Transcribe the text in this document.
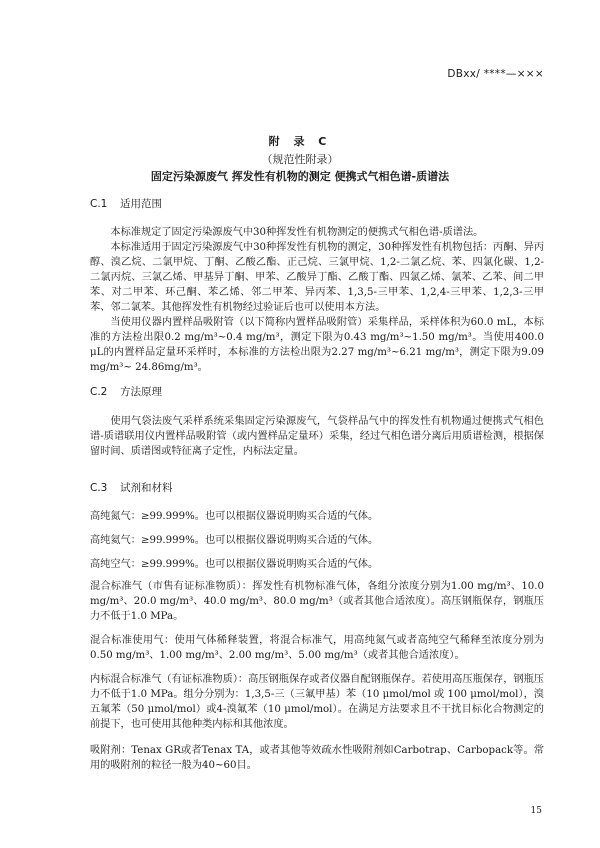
DBxx/ ****—×××
附 录 C
（规范性附录）
固定污染源废气 挥发性有机物的测定 便携式气相色谱-质谱法
C.1 适用范围

本标准规定了固定污染源废气中30种挥发性有机物测定的便携式气相色谱-质谱法。

本标准适用于固定污染源废气中30种挥发性有机物的测定，30种挥发性有机物包括：丙酮、异丙醇、溴乙烷、二氯甲烷、丁酮、乙酸乙酯、正己烷、三氯甲烷、1,2-二氯乙烷、苯、四氯化碳、1,2-二氯丙烷、三氯乙烯、甲基异丁酮、甲苯、乙酸异丁酯、乙酸丁酯、四氯乙烯、氯苯、乙苯、间二甲苯、对二甲苯、环己酮、苯乙烯、邻二甲苯、异丙苯、1,3,5-三甲苯、1,2,4-三甲苯、1,2,3-三甲苯、邻二氯苯。其他挥发性有机物经过验证后也可以使用本方法。

当使用仪器内置样品吸附管（以下简称内置样品吸附管）采集样品，采样体积为60.0 mL，本标准的方法检出限0.2 mg/m³~0.4 mg/m³，测定下限为0.43 mg/m³~1.50 mg/m³。当使用400.0 μL的内置样品定量环采样时，本标准的方法检出限为2.27 mg/m³~6.21 mg/m³，测定下限为9.09 mg/m³~ 24.86mg/m³。

C.2 方法原理

使用气袋法废气采样系统采集固定污染源废气，气袋样品气中的挥发性有机物通过便携式气相色谱-质谱联用仪内置样品吸附管（或内置样品定量环）采集，经过气相色谱分离后用质谱检测，根据保留时间、质谱图或特征离子定性，内标法定量。

C.3 试剂和材料

高纯氮气：≥99.999%。也可以根据仪器说明购买合适的气体。

高纯氦气：≥99.999%。也可以根据仪器说明购买合适的气体。

高纯空气：≥99.999%。也可以根据仪器说明购买合适的气体。

混合标准气（市售有证标准物质）：挥发性有机物标准气体，各组分浓度分别为1.00 mg/m³、10.0 mg/m³、20.0 mg/m³、40.0 mg/m³、80.0 mg/m³（或者其他合适浓度）。高压钢瓶保存，钢瓶压力不低于1.0 MPa。

混合标准使用气：使用气体稀释装置，将混合标准气，用高纯氮气或者高纯空气稀释至浓度分别为0.50 mg/m³、1.00 mg/m³、2.00 mg/m³、5.00 mg/m³（或者其他合适浓度）。

内标混合标准气（有证标准物质）：高压钢瓶保存或者仪器自配钢瓶保存。若使用高压瓶保存，钢瓶压力不低于1.0 MPa。组分分别为：1,3,5-三（三氟甲基）苯（10 μmol/mol 或 100 μmol/mol），溴五氟苯（50 μmol/mol）或4-溴氟苯（10 μmol/mol）。在满足方法要求且不干扰目标化合物测定的前提下，也可使用其他种类内标和其他浓度。

吸附剂：Tenax GR或者Tenax TA，或者其他等效疏水性吸附剂如Carbotrap、Carbopack等。常用的吸附剂的粒径一般为40~60目。

15
